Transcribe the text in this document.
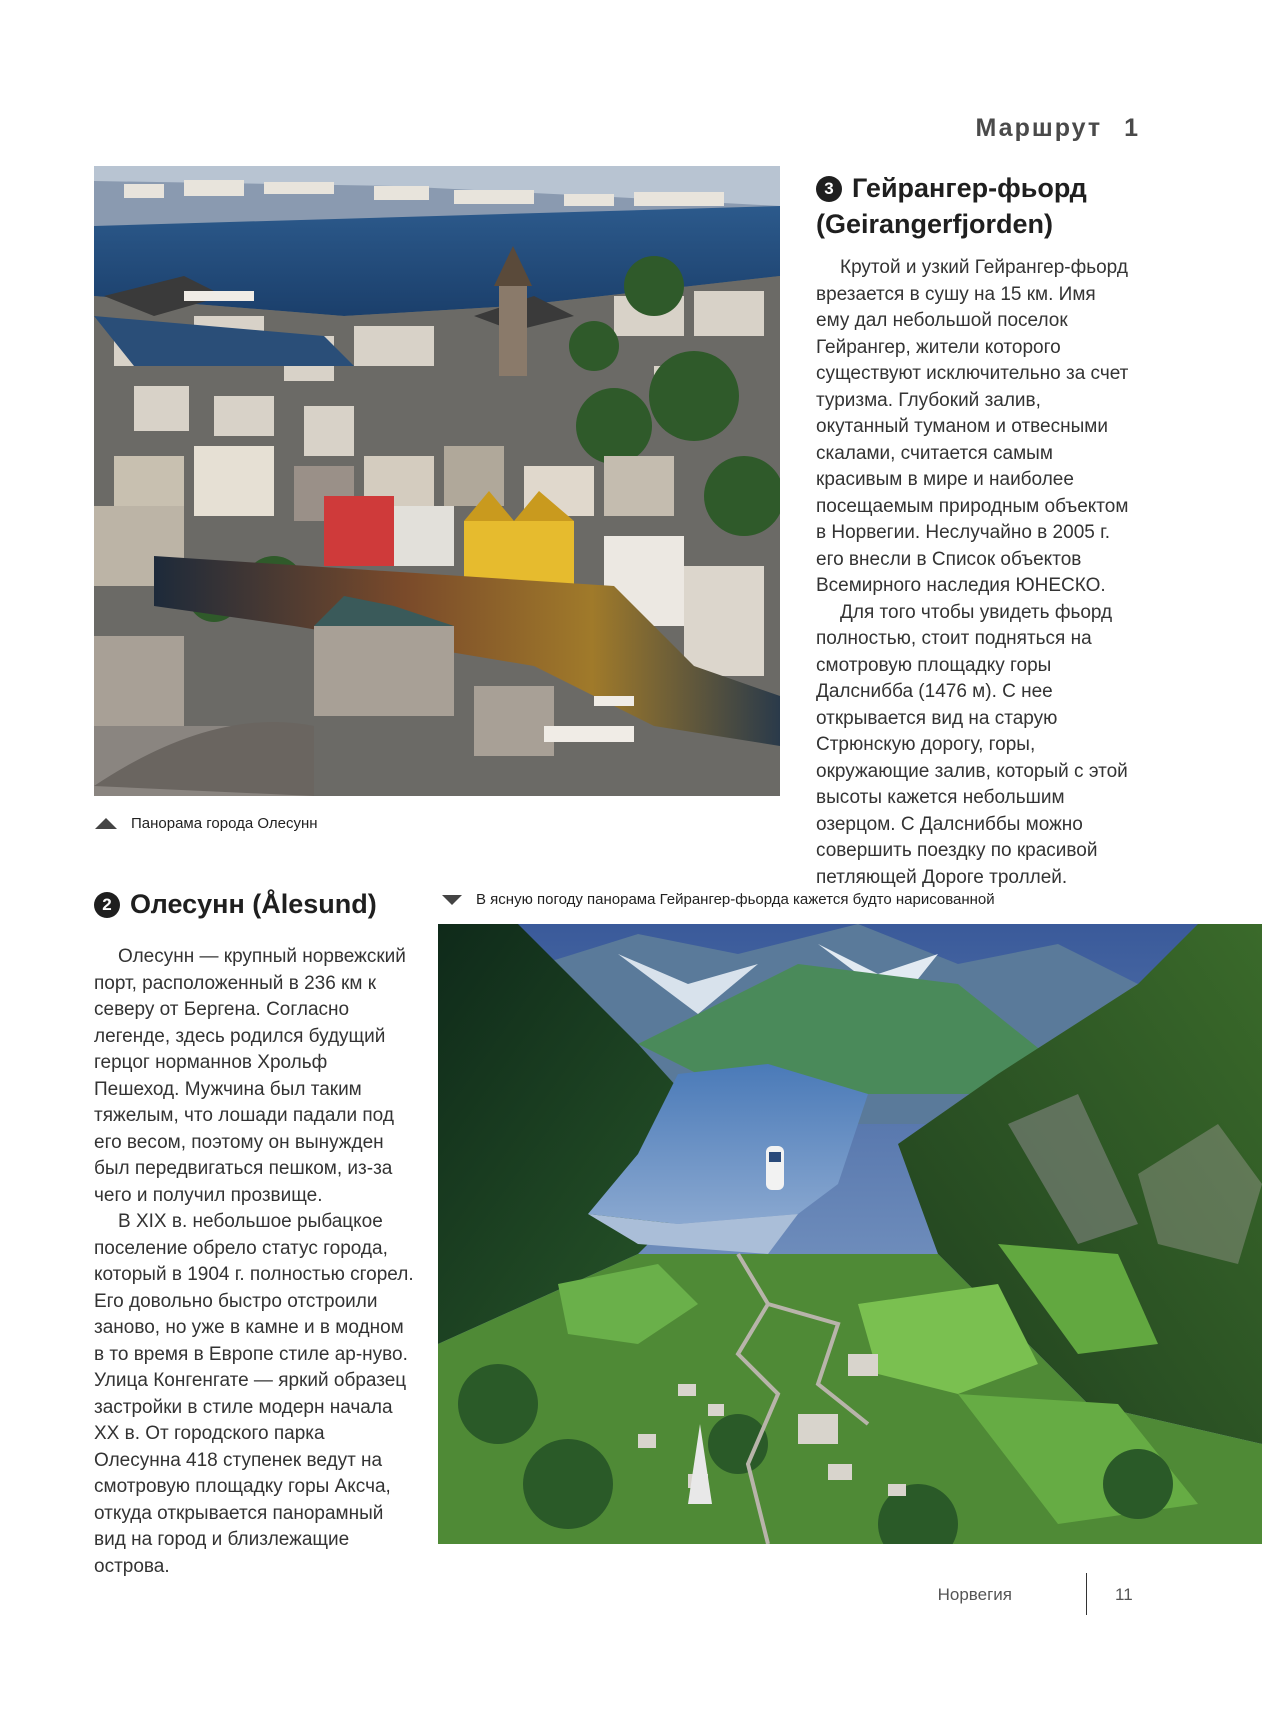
Маршрут 1
Панорама города Олесунн
3 Гейрангер-фьорд
(Geirangerfjorden)

Крутой и узкий Гейрангер-фьорд врезается в сушу на 15 км. Имя ему дал небольшой поселок Гейрангер, жители которого существуют исключительно за счет туризма. Глубокий залив, окутанный туманом и отвесными скалами, считается самым красивым в мире и наиболее посещаемым природным объектом в Норвегии. Неслучайно в 2005 г. его внесли в Список объектов Всемирного наследия ЮНЕСКО.

Для того чтобы увидеть фьорд полностью, стоит подняться на смотровую площадку горы Далснибба (1476 м). С нее открывается вид на старую Стрюнскую дорогу, горы, окружающие залив, который с этой высоты кажется небольшим озерцом. С Далсниббы можно совершить поездку по красивой петляющей Дороге троллей.

2 Олесунн (Ålesund)

Олесунн — крупный норвежский порт, расположенный в 236 км к северу от Бергена. Согласно легенде, здесь родился будущий герцог норманнов Хрольф Пешеход. Мужчина был таким тяжелым, что лошади падали под его весом, поэтому он вынужден был передвигаться пешком, из-за чего и получил прозвище.

В XIX в. небольшое рыбацкое поселение обрело статус города, который в 1904 г. полностью сгорел. Его довольно быстро отстроили заново, но уже в камне и в модном в то время в Европе стиле ар-нуво. Улица Конгенгате — яркий образец застройки в стиле модерн начала XX в. От городского парка Олесунна 418 ступенек ведут на смотровую площадку горы Аксча, откуда открывается панорамный вид на город и близлежащие острова.

В ясную погоду панорама Гейрангер-фьорда кажется будто нарисованной
Норвегия	11
